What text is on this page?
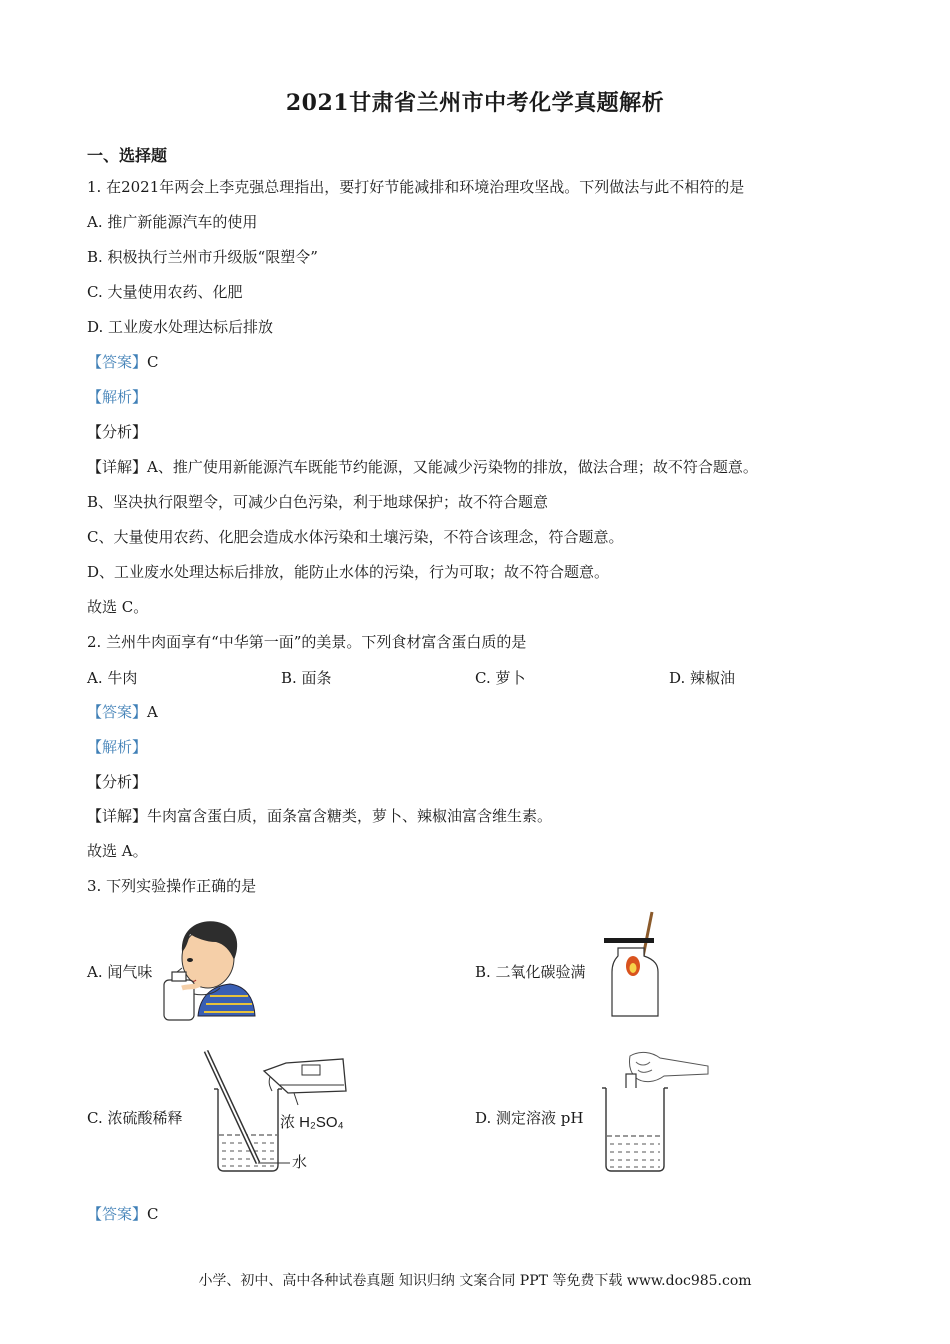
2021甘肃省兰州市中考化学真题解析
一、选择题
1. 在2021年两会上李克强总理指出，要打好节能减排和环境治理攻坚战。下列做法与此不相符的是
A. 推广新能源汽车的使用
B. 积极执行兰州市升级版“限塑令”
C. 大量使用农药、化肥
D. 工业废水处理达标后排放
【答案】C
【解析】
【分析】
【详解】A、推广使用新能源汽车既能节约能源，又能减少污染物的排放，做法合理；故不符合题意。
B、坚决执行限塑令，可减少白色污染，利于地球保护；故不符合题意
C、大量使用农药、化肥会造成水体污染和土壤污染，不符合该理念，符合题意。
D、工业废水处理达标后排放，能防止水体的污染，行为可取；故不符合题意。
故选 C。
2. 兰州牛肉面享有“中华第一面”的美景。下列食材富含蛋白质的是
A. 牛肉	B. 面条	C. 萝卜	D. 辣椒油
【答案】A
【解析】
【分析】
【详解】牛肉富含蛋白质，面条富含糖类，萝卜、辣椒油富含维生素。
故选 A。
3. 下列实验操作正确的是
A. 闻气味	B. 二氧化碳验满
C. 浓硫酸稀释	D. 测定溶液 pH
浓 H₂SO₄
水
【答案】C
小学、初中、高中各种试卷真题 知识归纳 文案合同 PPT 等免费下载 www.doc985.com
